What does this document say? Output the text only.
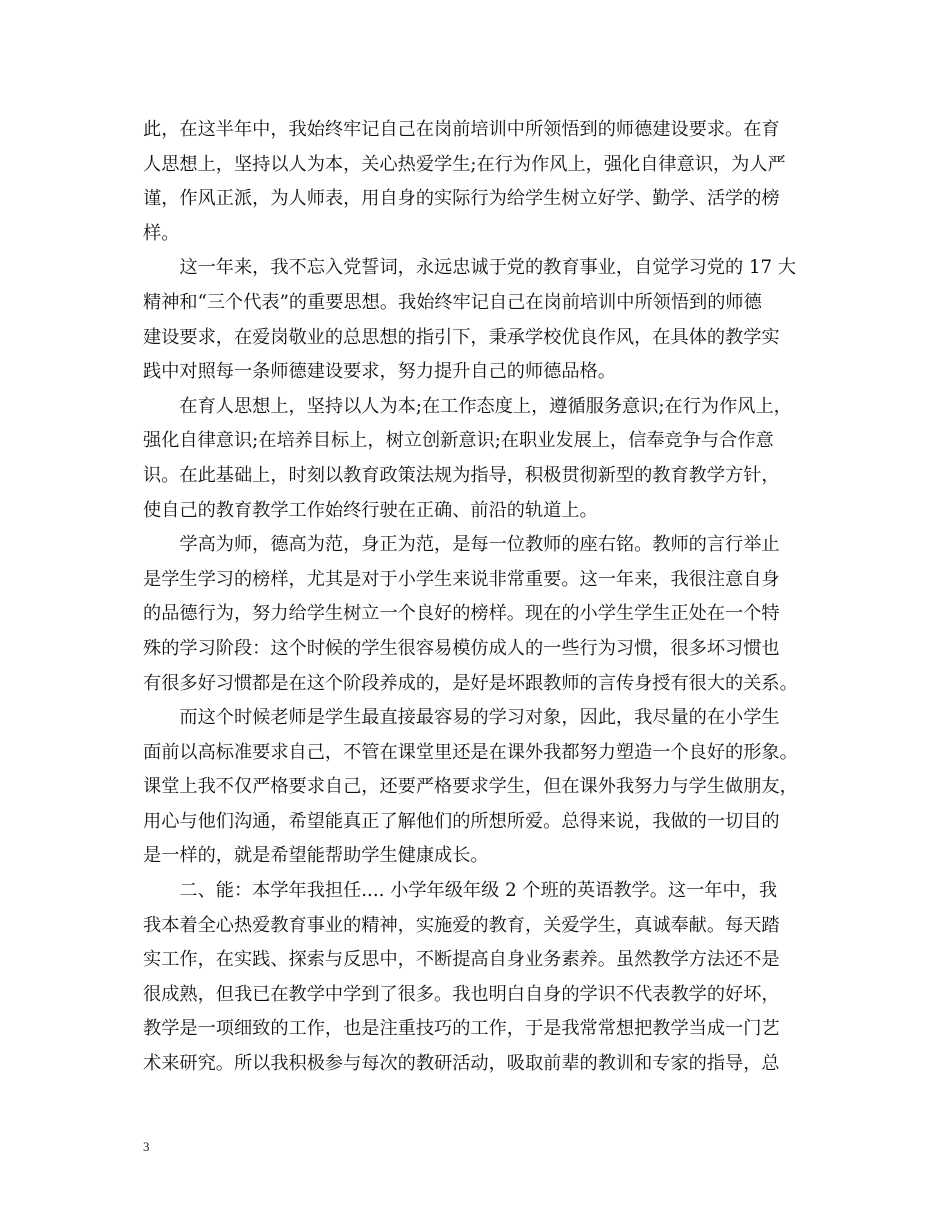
此，在这半年中，我始终牢记自己在岗前培训中所领悟到的师德建设要求。在育
人思想上，坚持以人为本，关心热爱学生;在行为作风上，强化自律意识，为人严
谨，作风正派，为人师表，用自身的实际行为给学生树立好学、勤学、活学的榜
样。
　　这一年来，我不忘入党誓词，永远忠诚于党的教育事业，自觉学习党的 17 大
精神和“三个代表”的重要思想。我始终牢记自己在岗前培训中所领悟到的师德
建设要求，在爱岗敬业的总思想的指引下，秉承学校优良作风，在具体的教学实
践中对照每一条师德建设要求，努力提升自己的师德品格。
　　在育人思想上，坚持以人为本;在工作态度上，遵循服务意识;在行为作风上，
强化自律意识;在培养目标上，树立创新意识;在职业发展上，信奉竞争与合作意
识。在此基础上，时刻以教育政策法规为指导，积极贯彻新型的教育教学方针，
使自己的教育教学工作始终行驶在正确、前沿的轨道上。
　　学高为师，德高为范，身正为范，是每一位教师的座右铭。教师的言行举止
是学生学习的榜样，尤其是对于小学生来说非常重要。这一年来，我很注意自身
的品德行为，努力给学生树立一个良好的榜样。现在的小学生学生正处在一个特
殊的学习阶段：这个时候的学生很容易模仿成人的一些行为习惯，很多坏习惯也
有很多好习惯都是在这个阶段养成的，是好是坏跟教师的言传身授有很大的关系。
　　而这个时候老师是学生最直接最容易的学习对象，因此，我尽量的在小学生
面前以高标准要求自己，不管在课堂里还是在课外我都努力塑造一个良好的形象。
课堂上我不仅严格要求自己，还要严格要求学生，但在课外我努力与学生做朋友，
用心与他们沟通，希望能真正了解他们的所想所爱。总得来说，我做的一切目的
是一样的，就是希望能帮助学生健康成长。
　　二、能：本学年我担任.... 小学年级年级 2 个班的英语教学。这一年中，我
我本着全心热爱教育事业的精神，实施爱的教育，关爱学生，真诚奉献。每天踏
实工作，在实践、探索与反思中，不断提高自身业务素养。虽然教学方法还不是
很成熟，但我已在教学中学到了很多。我也明白自身的学识不代表教学的好坏，
教学是一项细致的工作，也是注重技巧的工作，于是我常常想把教学当成一门艺
术来研究。所以我积极参与每次的教研活动，吸取前辈的教训和专家的指导，总
3
